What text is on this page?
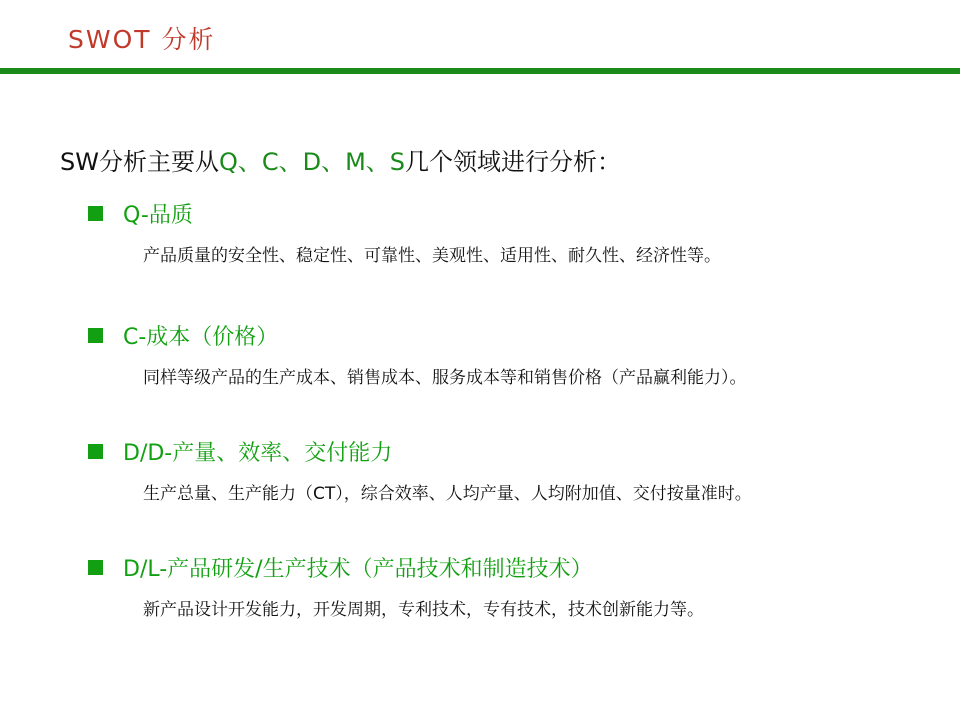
SWOT 分析
SW分析主要从Q、C、D、M、S几个领域进行分析：
Q-品质
产品质量的安全性、稳定性、可靠性、美观性、适用性、耐久性、经济性等。
C-成本（价格）
同样等级产品的生产成本、销售成本、服务成本等和销售价格（产品赢利能力）。
D/D-产量、效率、交付能力
生产总量、生产能力（CT），综合效率、人均产量、人均附加值、交付按量准时。
D/L-产品研发/生产技术（产品技术和制造技术）
新产品设计开发能力，开发周期，专利技术，专有技术，技术创新能力等。
